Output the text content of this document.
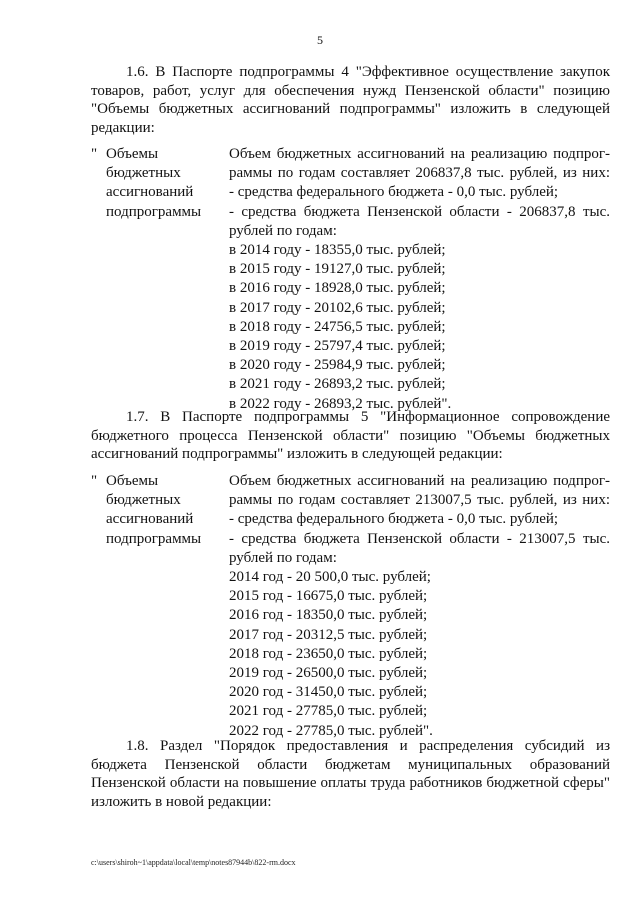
5

1.6. В Паспорте подпрограммы 4 "Эффективное осуществление закупок товаров, работ, услуг для обеспечения нужд Пензенской области" позицию "Объемы бюджетных ассигнований подпрограммы" изложить в следующей редакции:

" Объемы
бюджетных
ассигнований
подпрограммы
Объем бюджетных ассигнований на реализацию подпрог-
раммы по годам составляет 206837,8 тыс. рублей, из них:
- средства федерального бюджета - 0,0 тыс. рублей;
- средства бюджета Пензенской области - 206837,8 тыс.
рублей по годам:
в 2014 году - 18355,0 тыс. рублей;
в 2015 году - 19127,0 тыс. рублей;
в 2016 году - 18928,0 тыс. рублей;
в 2017 году - 20102,6 тыс. рублей;
в 2018 году - 24756,5 тыс. рублей;
в 2019 году - 25797,4 тыс. рублей;
в 2020 году - 25984,9 тыс. рублей;
в 2021 году - 26893,2 тыс. рублей;
в 2022 году - 26893,2 тыс. рублей".

1.7. В Паспорте подпрограммы 5 "Информационное сопровождение бюджетного процесса Пензенской области" позицию "Объемы бюджетных ассигнований подпрограммы" изложить в следующей редакции:

" Объемы
бюджетных
ассигнований
подпрограммы
Объем бюджетных ассигнований на реализацию подпрог-
раммы по годам составляет 213007,5 тыс. рублей, из них:
- средства федерального бюджета - 0,0 тыс. рублей;
- средства бюджета Пензенской области - 213007,5 тыс.
рублей по годам:
2014 год - 20 500,0 тыс. рублей;
2015 год - 16675,0 тыс. рублей;
2016 год - 18350,0 тыс. рублей;
2017 год - 20312,5 тыс. рублей;
2018 год - 23650,0 тыс. рублей;
2019 год - 26500,0 тыс. рублей;
2020 год - 31450,0 тыс. рублей;
2021 год - 27785,0 тыс. рублей;
2022 год - 27785,0 тыс. рублей".

1.8. Раздел "Порядок предоставления и распределения субсидий из бюджета Пензенской области бюджетам муниципальных образований Пензенской области на повышение оплаты труда работников бюджетной сферы" изложить в новой редакции:

c:\users\shiroh~1\appdata\local\temp\notes87944b\822-rm.docx
